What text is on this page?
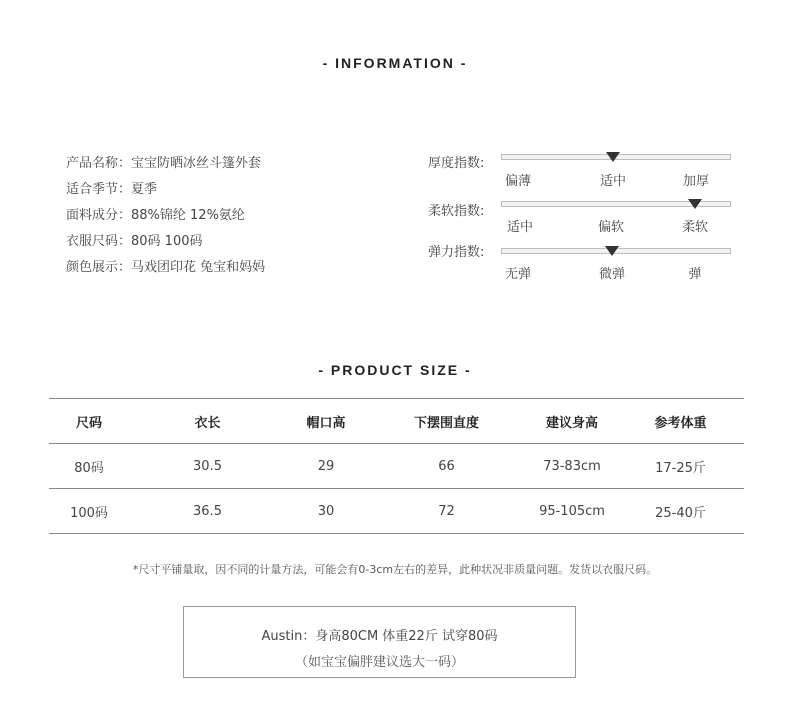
- INFORMATION -
产品名称：宝宝防晒冰丝斗篷外套
适合季节：夏季
面料成分：88%锦纶 12%氨纶
衣服尺码：80码 100码
颜色展示：马戏团印花 兔宝和妈妈
厚度指数:
偏薄	适中	加厚
柔软指数:
适中	偏软	柔软
弹力指数:
无弹	微弹	弹
- PRODUCT SIZE -
尺码	衣长	帽口高	下摆围直度	建议身高	参考体重
80码	30.5	29	66	73-83cm	17-25斤
100码	36.5	30	72	95-105cm	25-40斤
*尺寸平铺量取，因不同的计量方法，可能会有0-3cm左右的差异，此种状况非质量问题。发货以衣服尺码。
Austin：身高80CM 体重22斤 试穿80码
（如宝宝偏胖建议选大一码）
